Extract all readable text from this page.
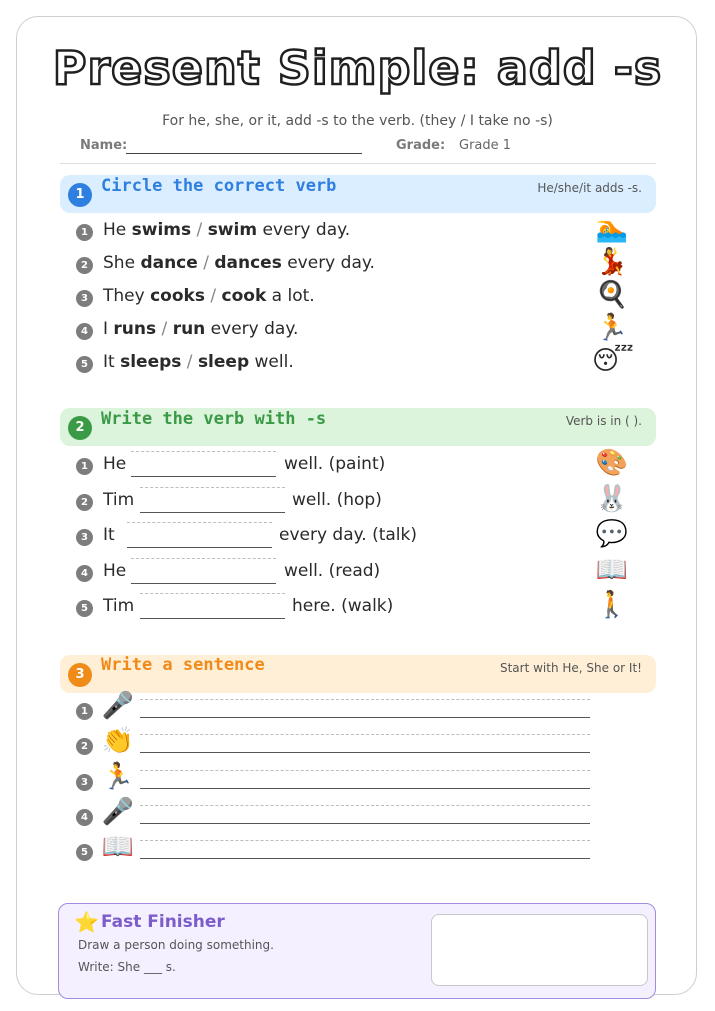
Present Simple: add -s
For he, she, or it, add -s to the verb. (they / I take no -s)
Name:	Grade: Grade 1
1 Circle the correct verb	He/she/it adds -s.
1 He swims / swim every day.	🏊
2 She dance / dances every day.	💃
3 They cooks / cook a lot.	🍳
4 I runs / run every day.	🏃
5 It sleeps / sleep well.	😴
2 Write the verb with -s	Verb is in ( ).
1 He	well. (paint)	🎨
2 Tim	well. (hop)	🐰
3 It	every day. (talk)	💬
4 He	well. (read)	📖
5 Tim	here. (walk)	🚶
3 Write a sentence	Start with He, She or It!
1 🎤
2 👏
3 🏃
4 🎤
5 📖
⭐ Fast Finisher
Draw a person doing something.
Write: She ___ s.
